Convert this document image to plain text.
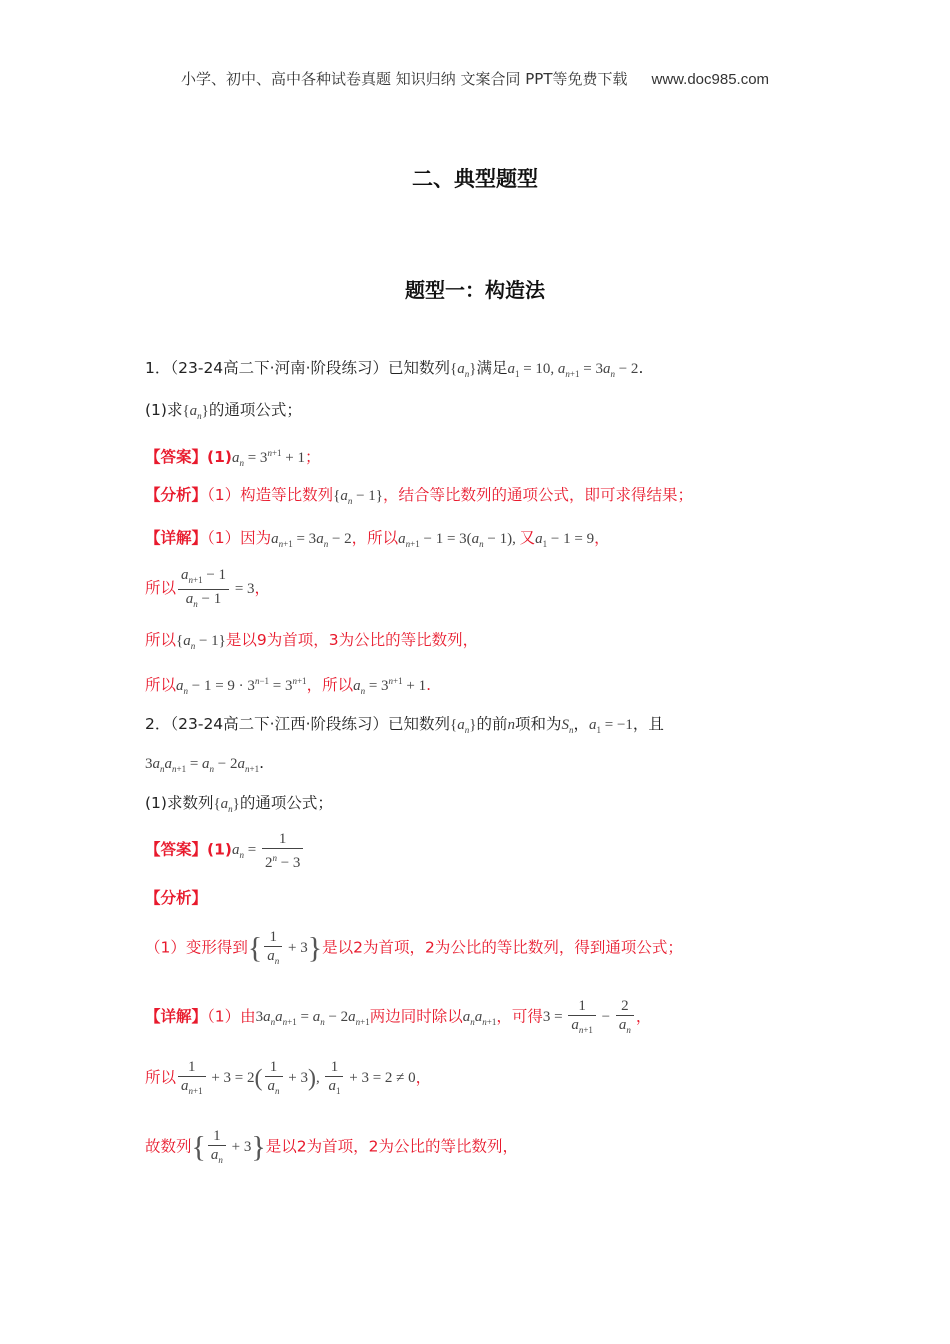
小学、初中、高中各种试卷真题 知识归纳 文案合同 PPT等免费下载 www.doc985.com
二、典型题型
题型一：构造法
1．（23-24高二下·河南·阶段练习）已知数列$\{a_n\}$满足$a_1 = 10$, $a_{n+1} = 3a_n - 2$.
(1)求$\{a_n\}$的通项公式；
【答案】$(1)a_n = 3^{n+1} + 1$；
【分析】（1）构造等比数列$\{a_n - 1\}$，结合等比数列的通项公式，即可求得结果；
【详解】（1）因为$a_{n+1} = 3a_n - 2$，所以$a_{n+1} - 1 = 3(a_n - 1)$, 又$a_1 - 1 = 9$，
所以 $\frac{a_{n+1} - 1}{a_n - 1} = 3$，
所以$\{a_n - 1\}$是以9为首项，3为公比的等比数列，
所以$a_n - 1 = 9 \cdot 3^{n-1} = 3^{n+1}$，所以$a_n = 3^{n+1} + 1$.
2．（23-24高二下·江西·阶段练习）已知数列$\{a_n\}$的前n项和为$S_n$，$a_1 = -1$，且
$3a_na_{n+1} = a_n - 2a_{n+1}$.
(1)求数列$\{a_n\}$的通项公式；
【答案】$(1)a_n = \frac{1}{2^n - 3}$
【分析】
（1）变形得到{ $\frac{1}{a_n} + 3$}是以2为首项，2为公比的等比数列，得到通项公式；
【详解】（1）由$3a_na_{n+1} = a_n - 2a_{n+1}$两边同时除以$a_na_{n+1}$，可得$3 = \frac{1}{a_{n+1}} - \frac{2}{a_n}$ ，
所以 $\frac{1}{a_{n+1}} + 3 = 2( \frac{1}{a_n} + 3)$, $\frac{1}{a_1} + 3 = 2 \ne 0$，
故数列{ $\frac{1}{a_n} + 3$}是以2为首项，2为公比的等比数列，
